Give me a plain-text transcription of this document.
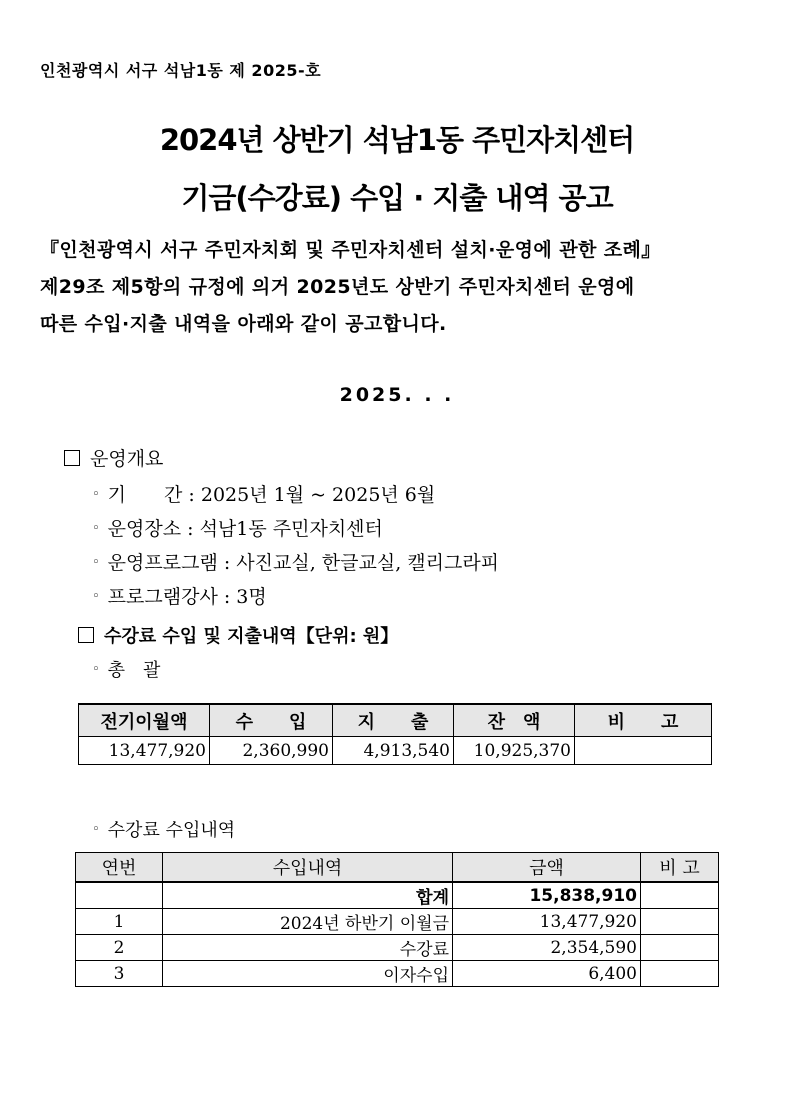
인천광역시 서구 석남1동 제 2025-호
2024년 상반기 석남1동 주민자치센터
기금(수강료) 수입 · 지출 내역 공고
『인천광역시 서구 주민자치회 및 주민자치센터 설치·운영에 관한 조례』
제29조 제5항의 규정에 의거 2025년도 상반기 주민자치센터 운영에
따른 수입·지출 내역을 아래와 같이 공고합니다.
2025. . .
운영개요
◦ 기　　간 : 2025년 1월 ~ 2025년 6월
◦ 운영장소 : 석남1동 주민자치센터
◦ 운영프로그램 : 사진교실, 한글교실, 캘리그라피
◦ 프로그램강사 : 3명
수강료 수입 및 지출내역【단위: 원】
◦ 총　괄
전기이월액	수　　입	지　　출	잔　액	비　　고
13,477,920	2,360,990	4,913,540	10,925,370	
◦ 수강료 수입내역
연번	수입내역	금액	비 고
	합계	15,838,910	
1	2024년 하반기 이월금	13,477,920	
2	수강료	2,354,590	
3	이자수입	6,400	
